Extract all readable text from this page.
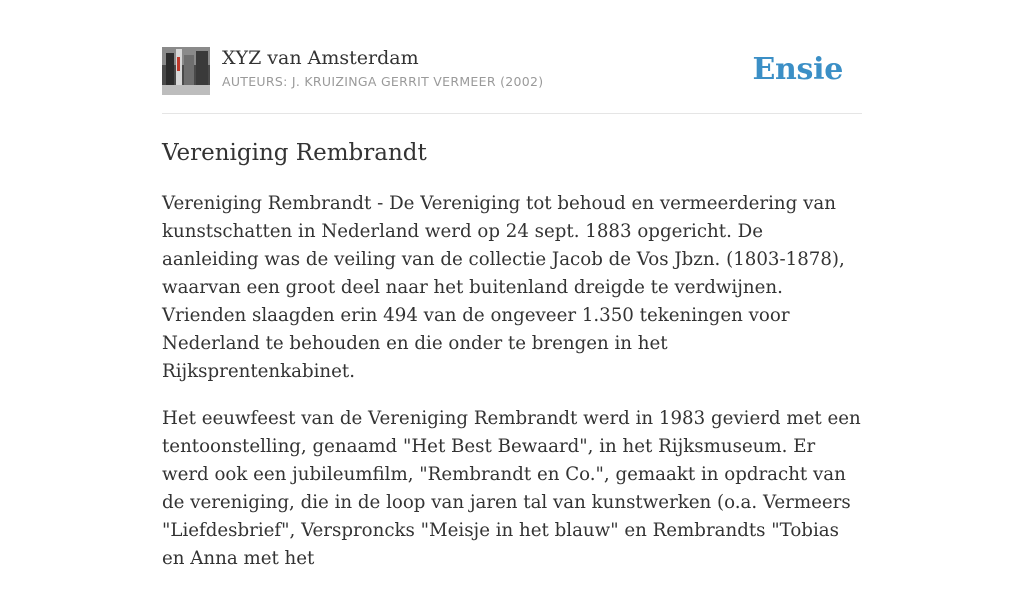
XYZ van Amsterdam
AUTEURS: J. KRUIZINGA GERRIT VERMEER (2002)	Ensie
Vereniging Rembrandt

Vereniging Rembrandt - De Vereniging tot behoud en vermeerdering van kunstschatten in Nederland werd op 24 sept. 1883 opgericht. De aanleiding was de veiling van de collectie Jacob de Vos Jbzn. (1803-1878), waarvan een groot deel naar het buitenland dreigde te verdwijnen. Vrienden slaagden erin 494 van de ongeveer 1.350 tekeningen voor Nederland te behouden en die onder te brengen in het Rijksprentenkabinet.

Het eeuwfeest van de Vereniging Rembrandt werd in 1983 gevierd met een tentoonstelling, genaamd "Het Best Bewaard", in het Rijksmuseum. Er werd ook een jubileumfilm, "Rembrandt en Co.", gemaakt in opdracht van de vereniging, die in de loop van jaren tal van kunstwerken (o.a. Vermeers "Liefdesbrief", Versproncks "Meisje in het blauw" en Rembrandts "Tobias en Anna met het
